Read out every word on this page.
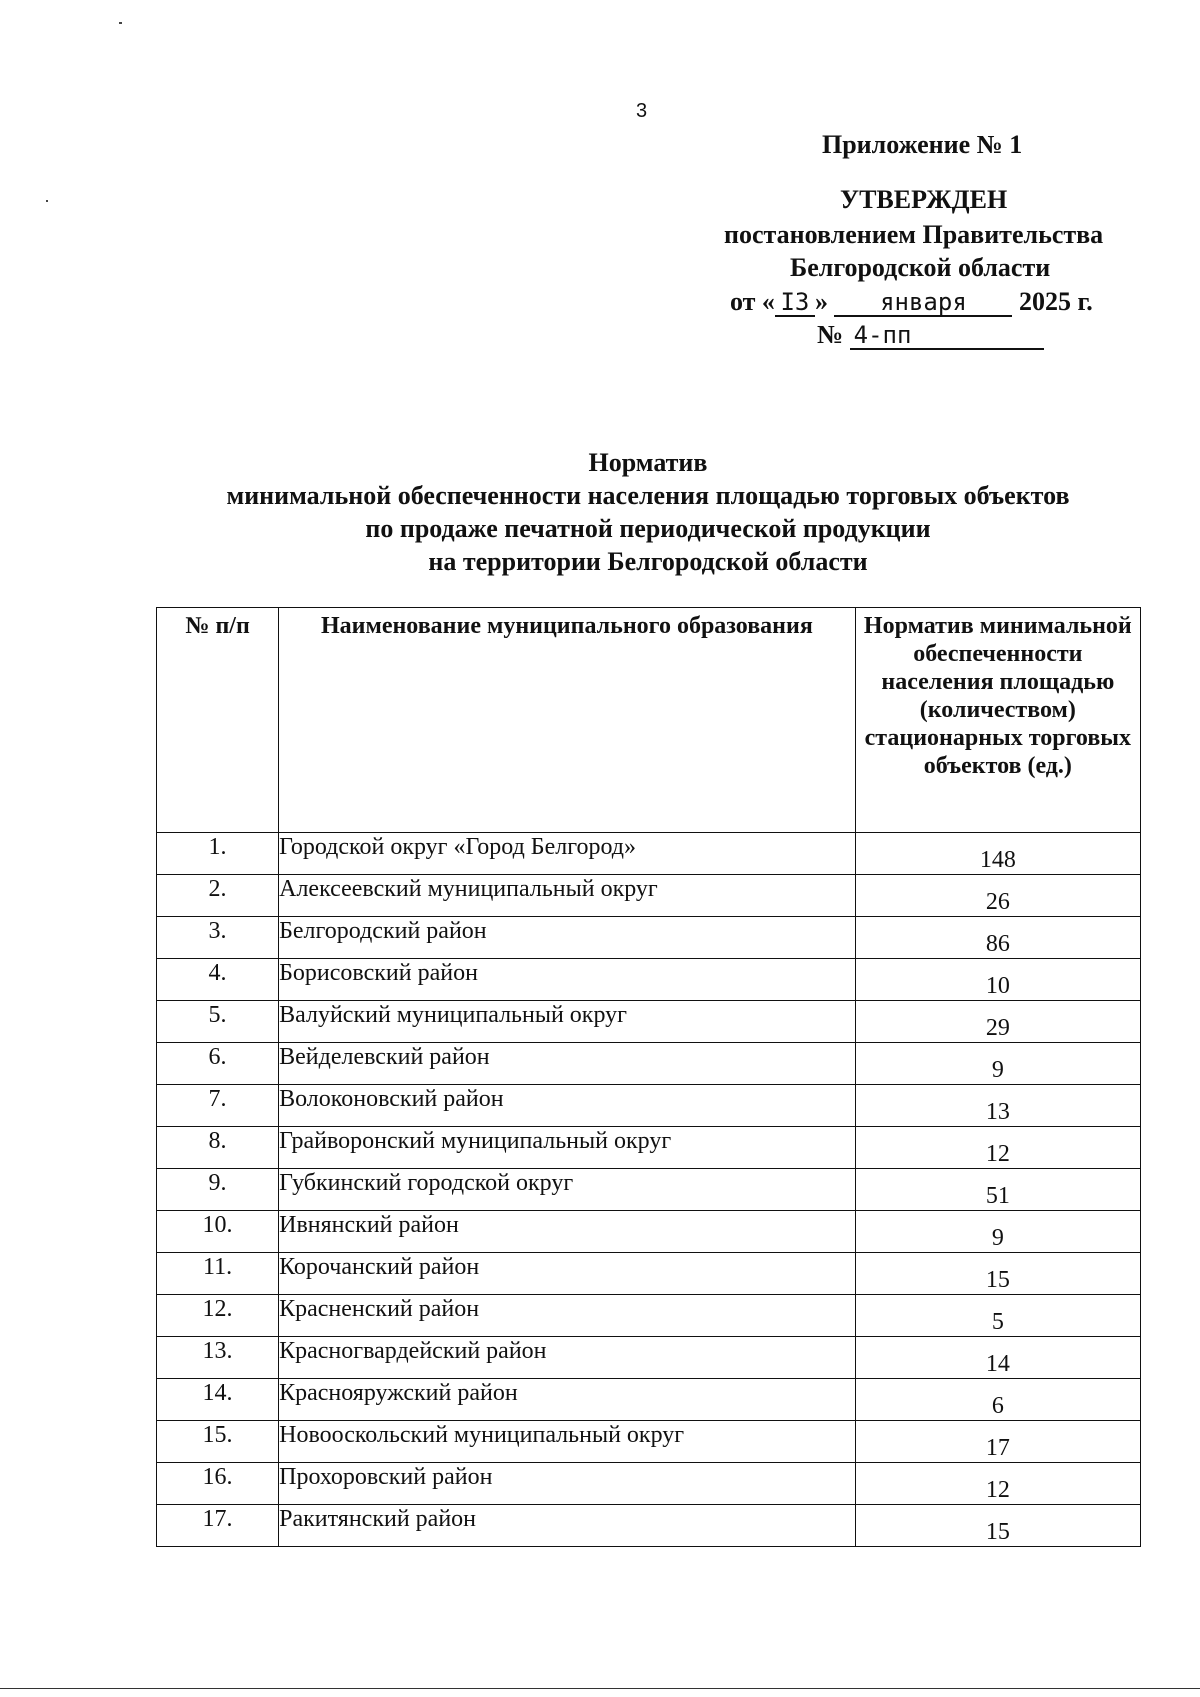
3
Приложение № 1
УТВЕРЖДЕН
постановлением Правительства
Белгородской области
от « I3 » января 2025 г.
№ 4-пп
Норматив
минимальной обеспеченности населения площадью торговых объектов
по продаже печатной периодической продукции
на территории Белгородской области
№ п/п	Наименование муниципального образования	Норматив минимальной обеспеченности населения площадью (количеством) стационарных торговых объектов (ед.)

1.	Городской округ «Город Белгород»	148
2.	Алексеевский муниципальный округ	26
3.	Белгородский район	86
4.	Борисовский район	10
5.	Валуйский муниципальный округ	29
6.	Вейделевский район	9
7.	Волоконовский район	13
8.	Грайворонский муниципальный округ	12
9.	Губкинский городской округ	51
10.	Ивнянский район	9
11.	Корочанский район	15
12.	Красненский район	5
13.	Красногвардейский район	14
14.	Краснояружский район	6
15.	Новооскольский муниципальный округ	17
16.	Прохоровский район	12
17.	Ракитянский район	15
